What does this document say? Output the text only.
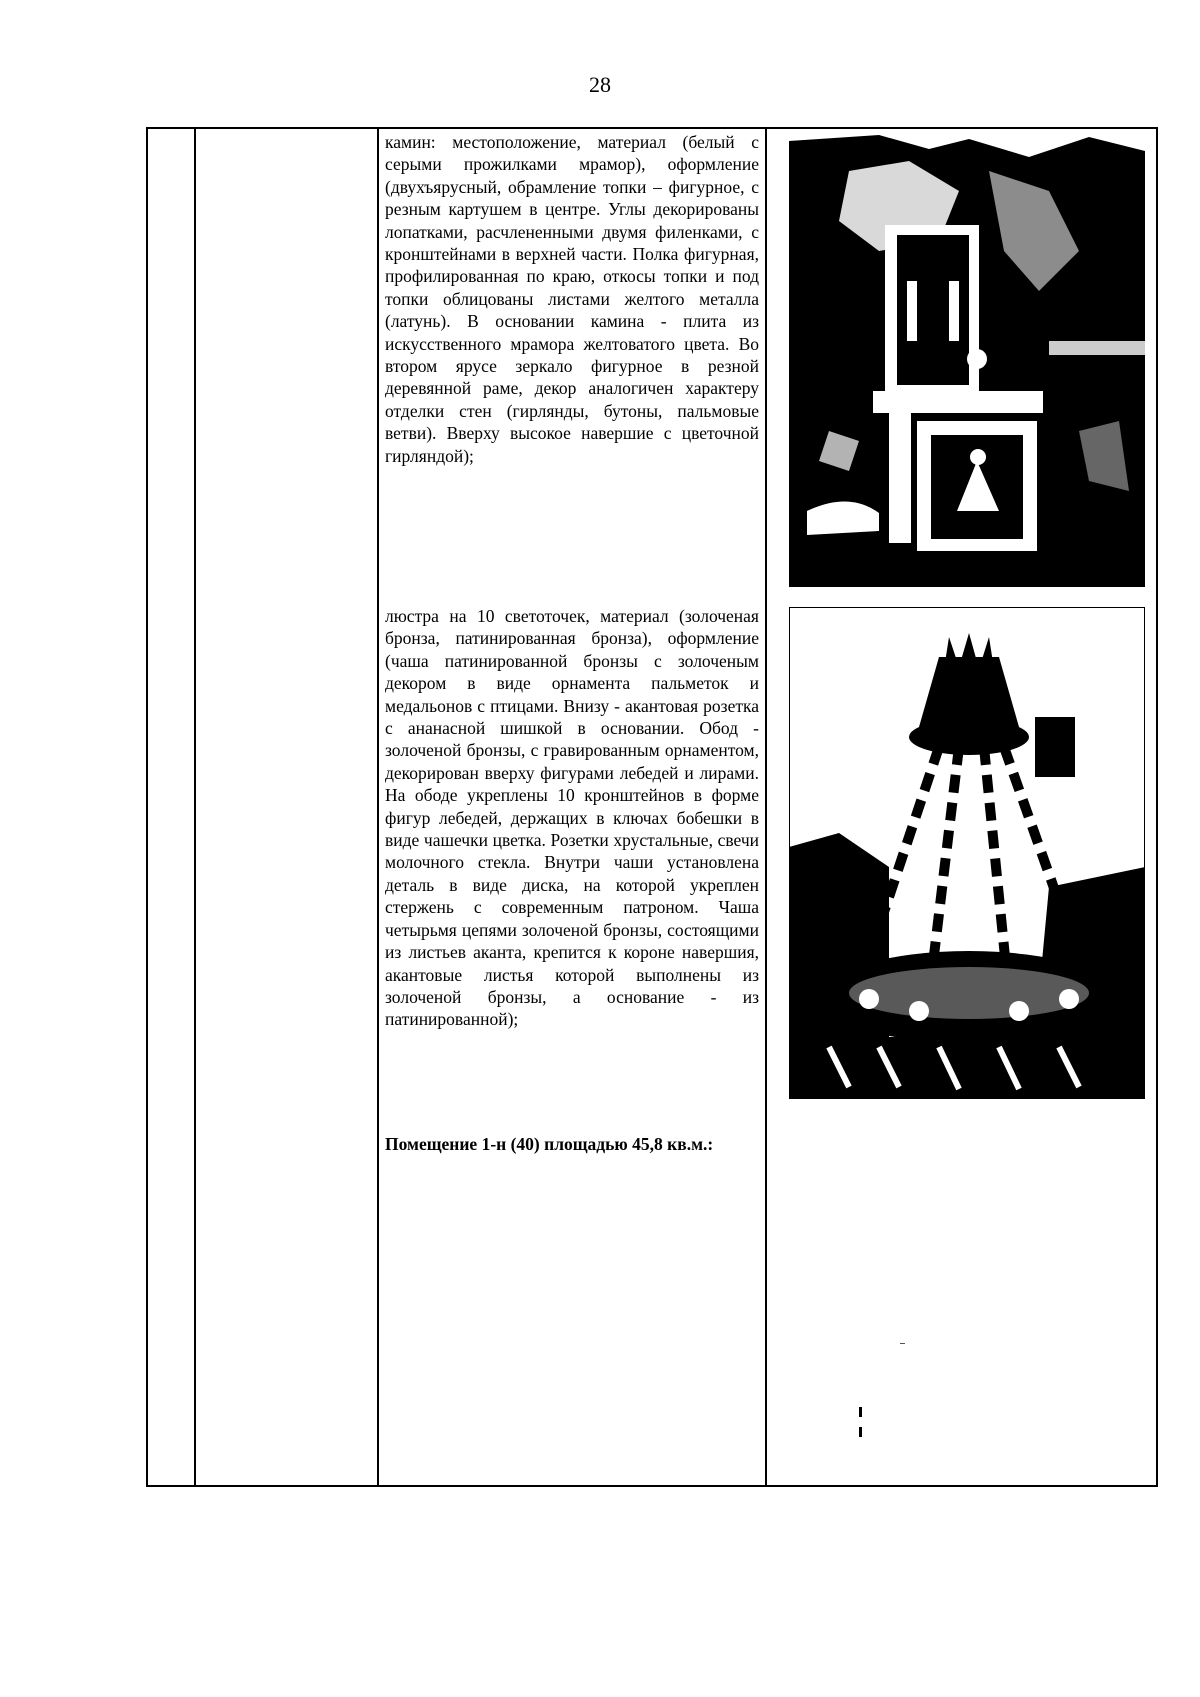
28

камин: местоположение, материал (белый с серыми прожилками мрамор), оформление (двухъярусный, обрамление топки – фигурное, с резным картушем в центре. Углы декорированы лопатками, расчлененными двумя филенками, с кронштейнами в верхней части. Полка фигурная, профилированная по краю, откосы топки и под топки облицованы листами желтого металла (латунь). В основании камина - плита из искусственного мрамора желтоватого цвета. Во втором ярусе зеркало фигурное в резной деревянной раме, декор аналогичен характеру отделки стен (гирлянды, бутоны, пальмовые ветви). Вверху высокое навершие с цветочной гирляндой);

люстра на 10 светоточек, материал (золоченая бронза, патинированная бронза), оформление (чаша патинированной бронзы с золоченым декором в виде орнамента пальметок и медальонов с птицами. Внизу - акантовая розетка с ананасной шишкой в основании. Обод - золоченой бронзы, с гравированным орнаментом, декорирован вверху фигурами лебедей и лирами. На ободе укреплены 10 кронштейнов в форме фигур лебедей, держащих в ключах бобешки в виде чашечки цветка. Розетки хрустальные, свечи молочного стекла. Внутри чаши установлена деталь в виде диска, на которой укреплен стержень с современным патроном. Чаша четырьмя цепями золоченой бронзы, состоящими из листьев аканта, крепится к короне навершия, акантовые листья которой выполнены из золоченой бронзы, а основание - из патинированной);

Помещение 1-н (40) площадью 45,8 кв.м.:
